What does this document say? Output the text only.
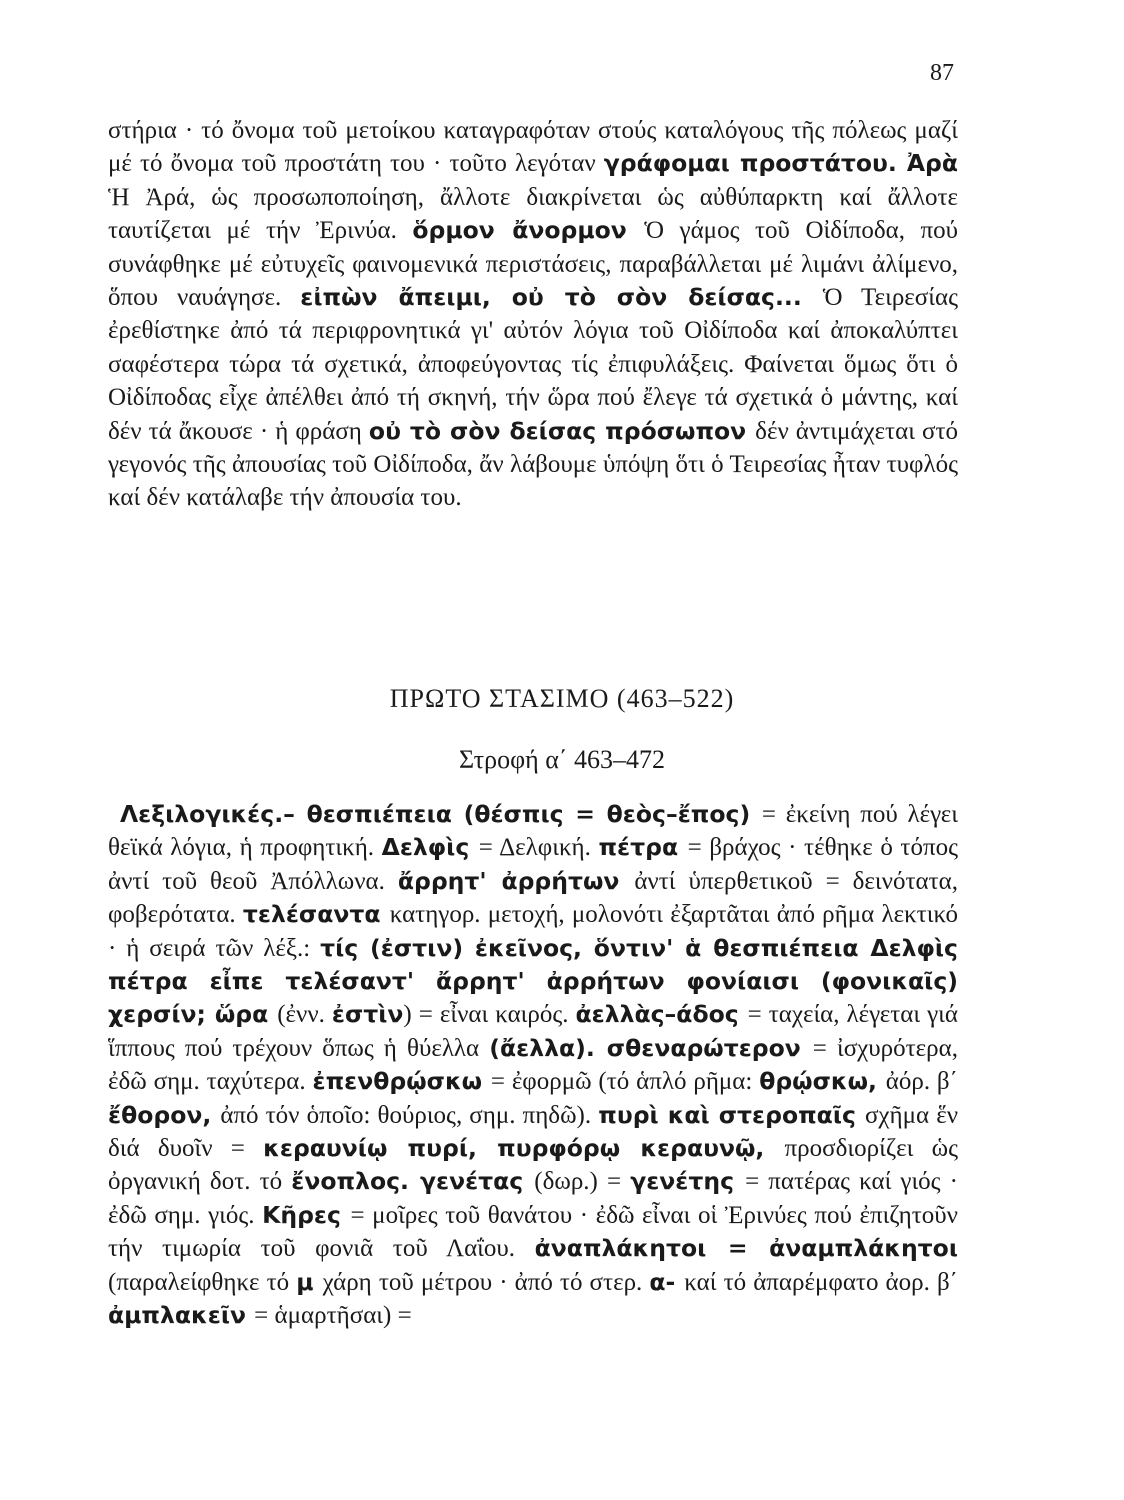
87
στήρια · τό ὄνομα τοῦ μετοίκου καταγραφόταν στούς καταλόγους τῆς πόλεως μαζί μέ τό ὄνομα τοῦ προστάτη του · τοῦτο λεγόταν γράφομαι προστάτου. Ἀρὰ Ἡ Ἀρά, ὡς προσωποποίηση, ἄλλοτε διακρίνεται ὡς αὐθύπαρκτη καί ἄλλοτε ταυτίζεται μέ τήν Ἐρινύα. ὅρμον ἄνορμον Ὁ γάμος τοῦ Οἰδίποδα, πού συνάφθηκε μέ εὐτυχεῖς φαινομενικά περιστάσεις, παραβάλλεται μέ λιμάνι ἀλίμενο, ὅπου ναυάγησε. εἰπὼν ἄπειμι, οὐ τὸ σὸν δείσας... Ὁ Τειρεσίας ἐρεθίστηκε ἀπό τά περιφρονητικά γι' αὐτόν λόγια τοῦ Οἰδίποδα καί ἀποκαλύπτει σαφέστερα τώρα τά σχετικά, ἀποφεύγοντας τίς ἐπιφυλάξεις. Φαίνεται ὅμως ὅτι ὁ Οἰδίποδας εἶχε ἀπέλθει ἀπό τή σκηνή, τήν ὥρα πού ἔλεγε τά σχετικά ὁ μάντης, καί δέν τά ἄκουσε · ἡ φράση οὐ τὸ σὸν δείσας πρόσωπον δέν ἀντιμάχεται στό γεγονός τῆς ἀπουσίας τοῦ Οἰδίποδα, ἄν λάβουμε ὑπόψη ὅτι ὁ Τειρεσίας ἦταν τυφλός καί δέν κατάλαβε τήν ἀπουσία του.
ΠΡΩΤΟ ΣΤΑΣΙΜΟ (463–522)
Στροφή α΄ 463–472
Λεξιλογικές.– θεσπιέπεια (θέσπις = θεὸς–ἔπος) = ἐκείνη πού λέγει θεϊκά λόγια, ἡ προφητική. Δελφὶς = Δελφική. πέτρα = βράχος · τέθηκε ὁ τόπος ἀντί τοῦ θεοῦ Ἀπόλλωνα. ἄρρητ' ἀρρήτων ἀντί ὑπερθετικοῦ = δεινότατα, φοβερότατα. τελέσαντα κατηγορ. μετοχή, μολονότι ἐξαρτᾶται ἀπό ρῆμα λεκτικό · ἡ σειρά τῶν λέξ.: τίς (ἐστιν) ἐκεῖνος, ὅντιν' ἁ θεσπιέπεια Δελφὶς πέτρα εἶπε τελέσαντ' ἄρρητ' ἀρρήτων φονίαισι (φονικαῖς) χερσίν; ὥρα (ἐνν. ἐστὶν) = εἶναι καιρός. ἀελλὰς–άδος = ταχεία, λέγεται γιά ἵππους πού τρέχουν ὅπως ἡ θύελλα (ἄελλα). σθεναρώτερον = ἰσχυρότερα, ἐδῶ σημ. ταχύτερα. ἐπενθρῴσκω = ἐφορμῶ (τό ἁπλό ρῆμα: θρῴσκω, ἀόρ. β΄ ἔθορον, ἀπό τόν ὁποῖο: θούριος, σημ. πηδῶ). πυρὶ καὶ στεροπαῖς σχῆμα ἕν διά δυοῖν = κεραυνίῳ πυρί, πυρφόρῳ κεραυνῷ, προσδιορίζει ὡς ὀργανική δοτ. τό ἔνοπλος. γενέτας (δωρ.) = γενέτης = πατέρας καί γιός · ἐδῶ σημ. γιός. Κῆρες = μοῖρες τοῦ θανάτου · ἐδῶ εἶναι οἱ Ἐρινύες πού ἐπιζητοῦν τήν τιμωρία τοῦ φονιᾶ τοῦ Λαΐου. ἀναπλάκητοι = ἀναμπλάκητοι (παραλείφθηκε τό μ χάρη τοῦ μέτρου · ἀπό τό στερ. α- καί τό ἀπαρέμφατο ἀορ. β΄ ἀμπλακεῖν = ἁμαρτῆσαι) =
